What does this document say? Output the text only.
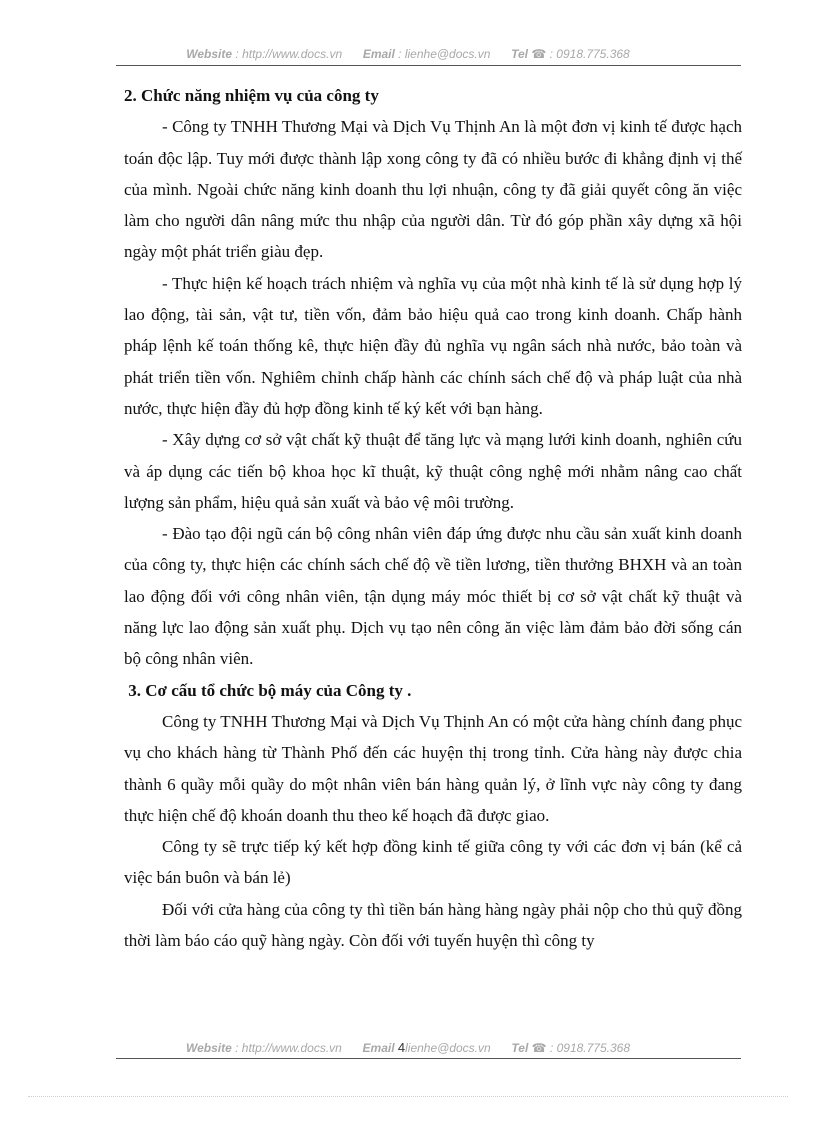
Website : http://www.docs.vn Email : lienhe@docs.vn Tel ☎ : 0918.775.368

2. Chức năng nhiệm vụ của công ty

- Công ty TNHH Thương Mại và Dịch Vụ Thịnh An là một đơn vị kinh tế được hạch toán độc lập. Tuy mới được thành lập xong công ty đã có nhiều bước đi khẳng định vị thế của mình. Ngoài chức năng kinh doanh thu lợi nhuận, công ty đã giải quyết công ăn việc làm cho người dân nâng mức thu nhập của người dân. Từ đó góp phần xây dựng xã hội ngày một phát triển giàu đẹp.

- Thực hiện kế hoạch trách nhiệm và nghĩa vụ của một nhà kinh tế là sử dụng hợp lý lao động, tài sản, vật tư, tiền vốn, đảm bảo hiệu quả cao trong kinh doanh. Chấp hành pháp lệnh kế toán thống kê, thực hiện đầy đủ nghĩa vụ ngân sách nhà nước, bảo toàn và phát triển tiền vốn. Nghiêm chỉnh chấp hành các chính sách chế độ và pháp luật của nhà nước, thực hiện đầy đủ hợp đồng kinh tế ký kết với bạn hàng.

- Xây dựng cơ sở vật chất kỹ thuật để tăng lực và mạng lưới kinh doanh, nghiên cứu và áp dụng các tiến bộ khoa học kĩ thuật, kỹ thuật công nghệ mới nhằm nâng cao chất lượng sản phẩm, hiệu quả sản xuất và bảo vệ môi trường.

- Đào tạo đội ngũ cán bộ công nhân viên đáp ứng được nhu cầu sản xuất kinh doanh của công ty, thực hiện các chính sách chế độ về tiền lương, tiền thưởng BHXH và an toàn lao động đối với công nhân viên, tận dụng máy móc thiết bị cơ sở vật chất kỹ thuật và năng lực lao động sản xuất phụ. Dịch vụ tạo nên công ăn việc làm đảm bảo đời sống cán bộ công nhân viên.

3. Cơ cấu tổ chức bộ máy của Công ty .

Công ty TNHH Thương Mại và Dịch Vụ Thịnh An có một cửa hàng chính đang phục vụ cho khách hàng từ Thành Phố đến các huyện thị trong tỉnh. Cửa hàng này được chia thành 6 quầy mỗi quầy do một nhân viên bán hàng quản lý, ở lĩnh vực này công ty đang thực hiện chế độ khoán doanh thu theo kế hoạch đã được giao.

Công ty sẽ trực tiếp ký kết hợp đồng kinh tế giữa công ty với các đơn vị bán (kể cả việc bán buôn và bán lẻ)

Đối với cửa hàng của công ty thì tiền bán hàng hàng ngày phải nộp cho thủ quỹ đồng thời làm báo cáo quỹ hàng ngày. Còn đối với tuyến huyện thì công ty

Website : http://www.docs.vn Email 4lienhe@docs.vn Tel ☎ : 0918.775.368
